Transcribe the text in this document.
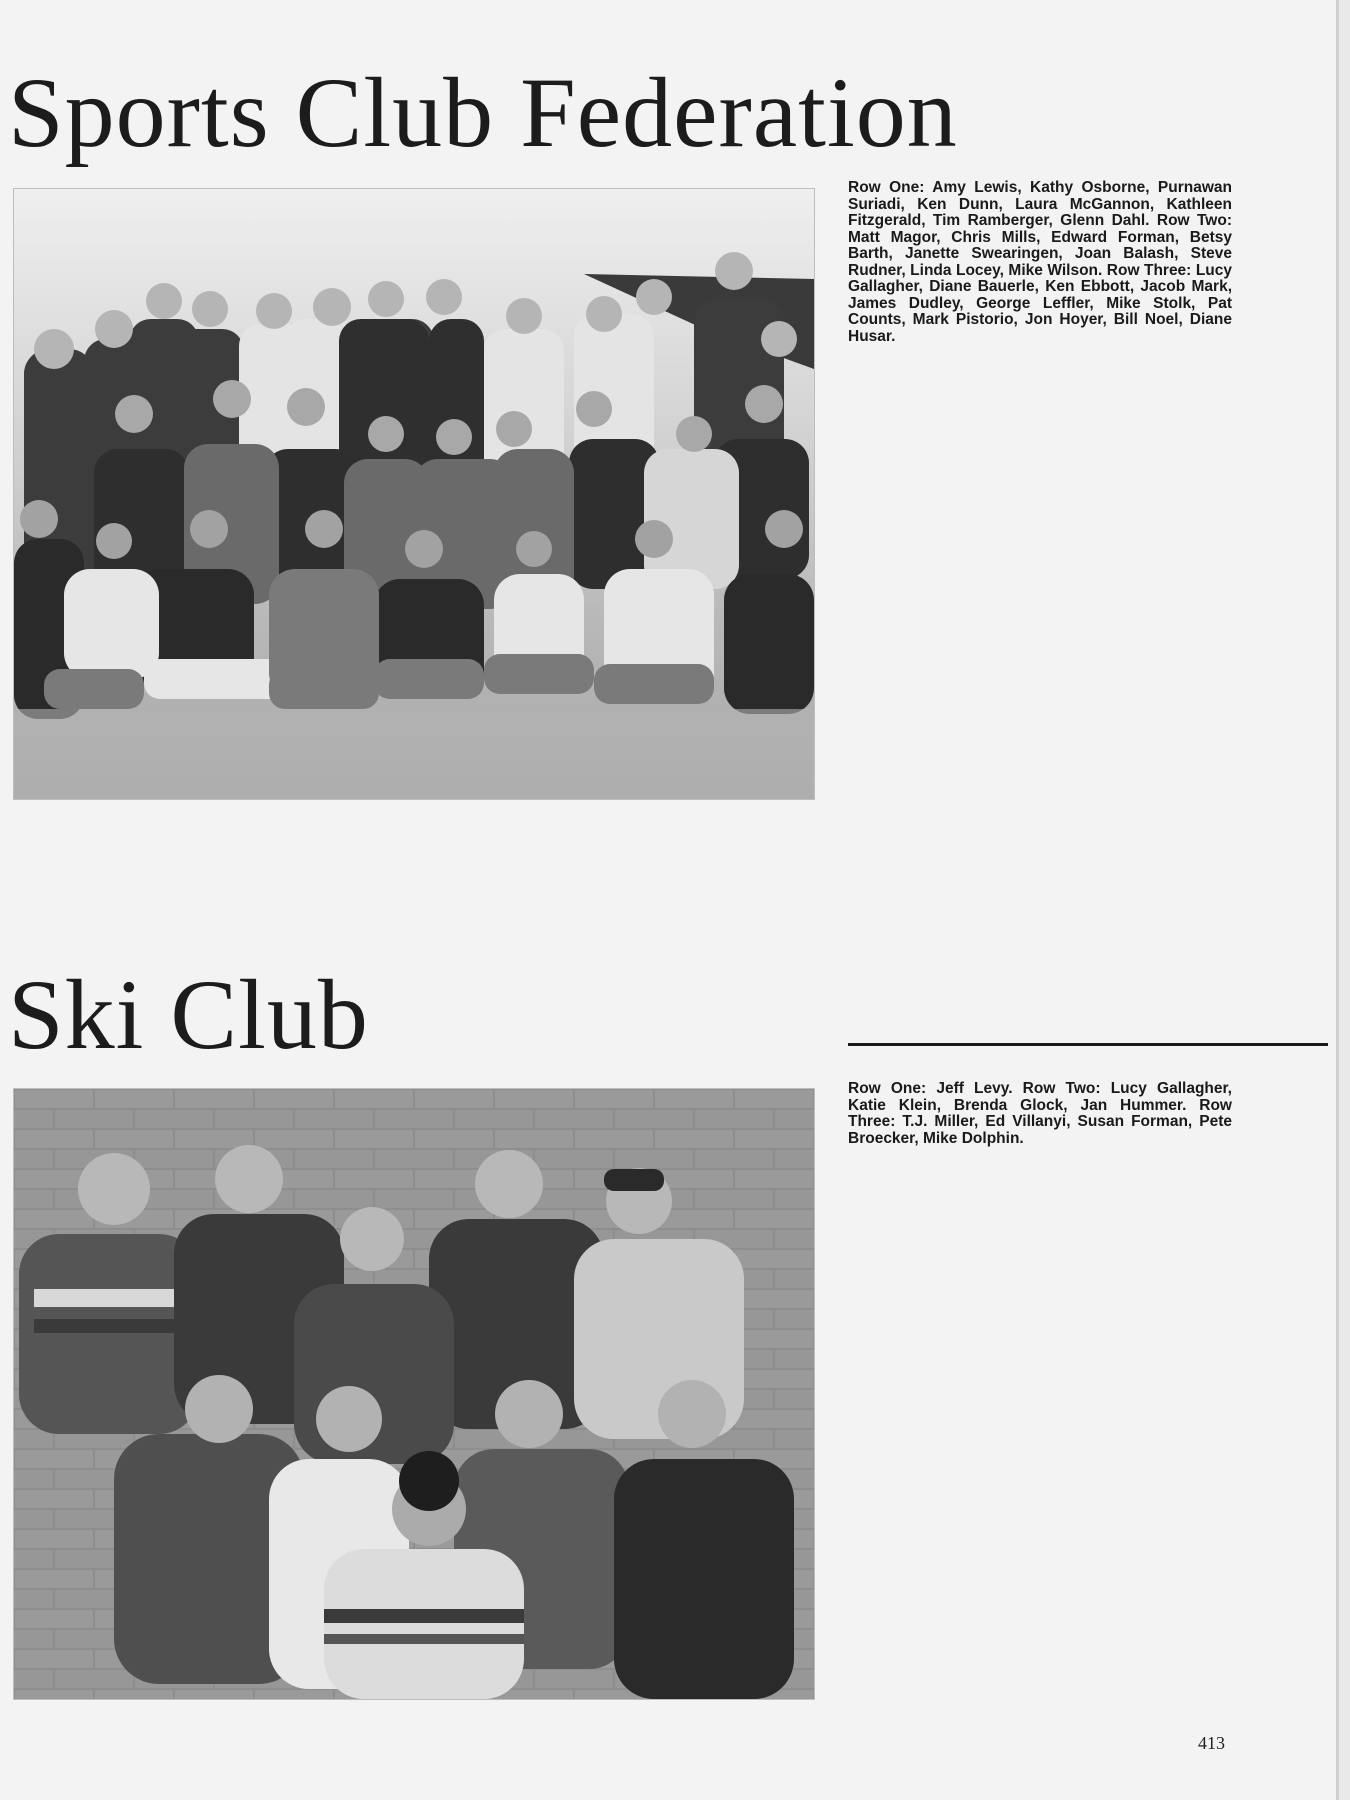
Sports Club Federation

Row One: Amy Lewis, Kathy Osborne, Purnawan Suriadi, Ken Dunn, Laura McGannon, Kathleen Fitzgerald, Tim Ramberger, Glenn Dahl. Row Two: Matt Magor, Chris Mills, Edward Forman, Betsy Barth, Janette Swearingen, Joan Balash, Steve Rudner, Linda Locey, Mike Wilson. Row Three: Lucy Gallagher, Diane Bauerle, Ken Ebbott, Jacob Mark, James Dudley, George Leffler, Mike Stolk, Pat Counts, Mark Pistorio, Jon Hoyer, Bill Noel, Diane Husar.

Ski Club

Row One: Jeff Levy. Row Two: Lucy Gallagher, Katie Klein, Brenda Glock, Jan Hummer. Row Three: T.J. Miller, Ed Villanyi, Susan Forman, Pete Broecker, Mike Dolphin.

413
